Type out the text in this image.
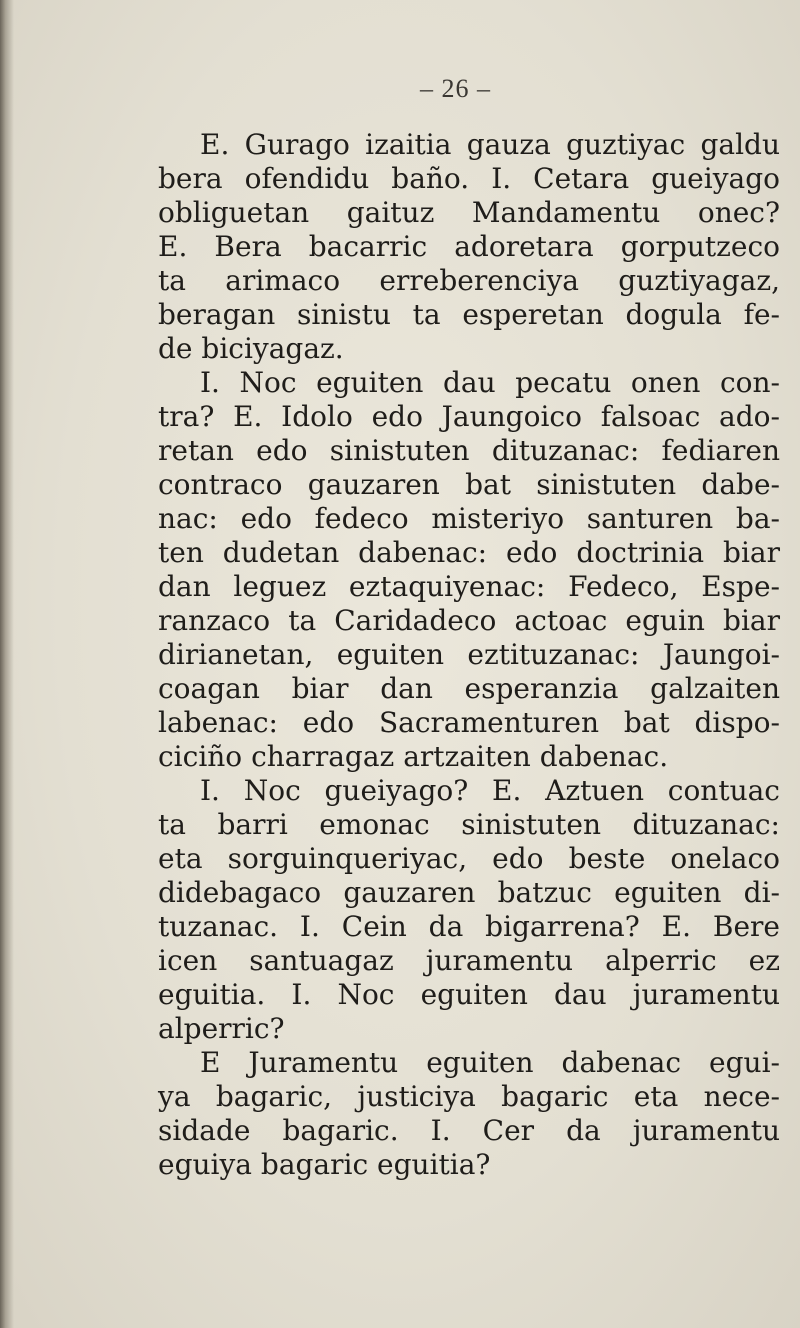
– 26 –

E. Gurago izaitia gauza guztiyac galdu
bera ofendidu baño. I. Cetara gueiyago
obliguetan gaituz Mandamentu onec?
E. Bera bacarric adoretara gorputzeco
ta arimaco erreberenciya guztiyagaz,
beragan sinistu ta esperetan dogula fe-
de biciyagaz.
I. Noc eguiten dau pecatu onen con-
tra? E. Idolo edo Jaungoico falsoac ado-
retan edo sinistuten dituzanac: fediaren
contraco gauzaren bat sinistuten dabe-
nac: edo fedeco misteriyo santuren ba-
ten dudetan dabenac: edo doctrinia biar
dan leguez eztaquiyenac: Fedeco, Espe-
ranzaco ta Caridadeco actoac eguin biar
dirianetan, eguiten eztituzanac: Jaungoi-
coagan biar dan esperanzia galzaiten
labenac: edo Sacramenturen bat dispo-
ciciño charragaz artzaiten dabenac.
I. Noc gueiyago? E. Aztuen contuac
ta barri emonac sinistuten dituzanac:
eta sorguinqueriyac, edo beste onelaco
didebagaco gauzaren batzuc eguiten di-
tuzanac. I. Cein da bigarrena? E. Bere
icen santuagaz juramentu alperric ez
eguitia. I. Noc eguiten dau juramentu
alperric?
E Juramentu eguiten dabenac egui-
ya bagaric, justiciya bagaric eta nece-
sidade bagaric. I. Cer da juramentu
eguiya bagaric eguitia?
